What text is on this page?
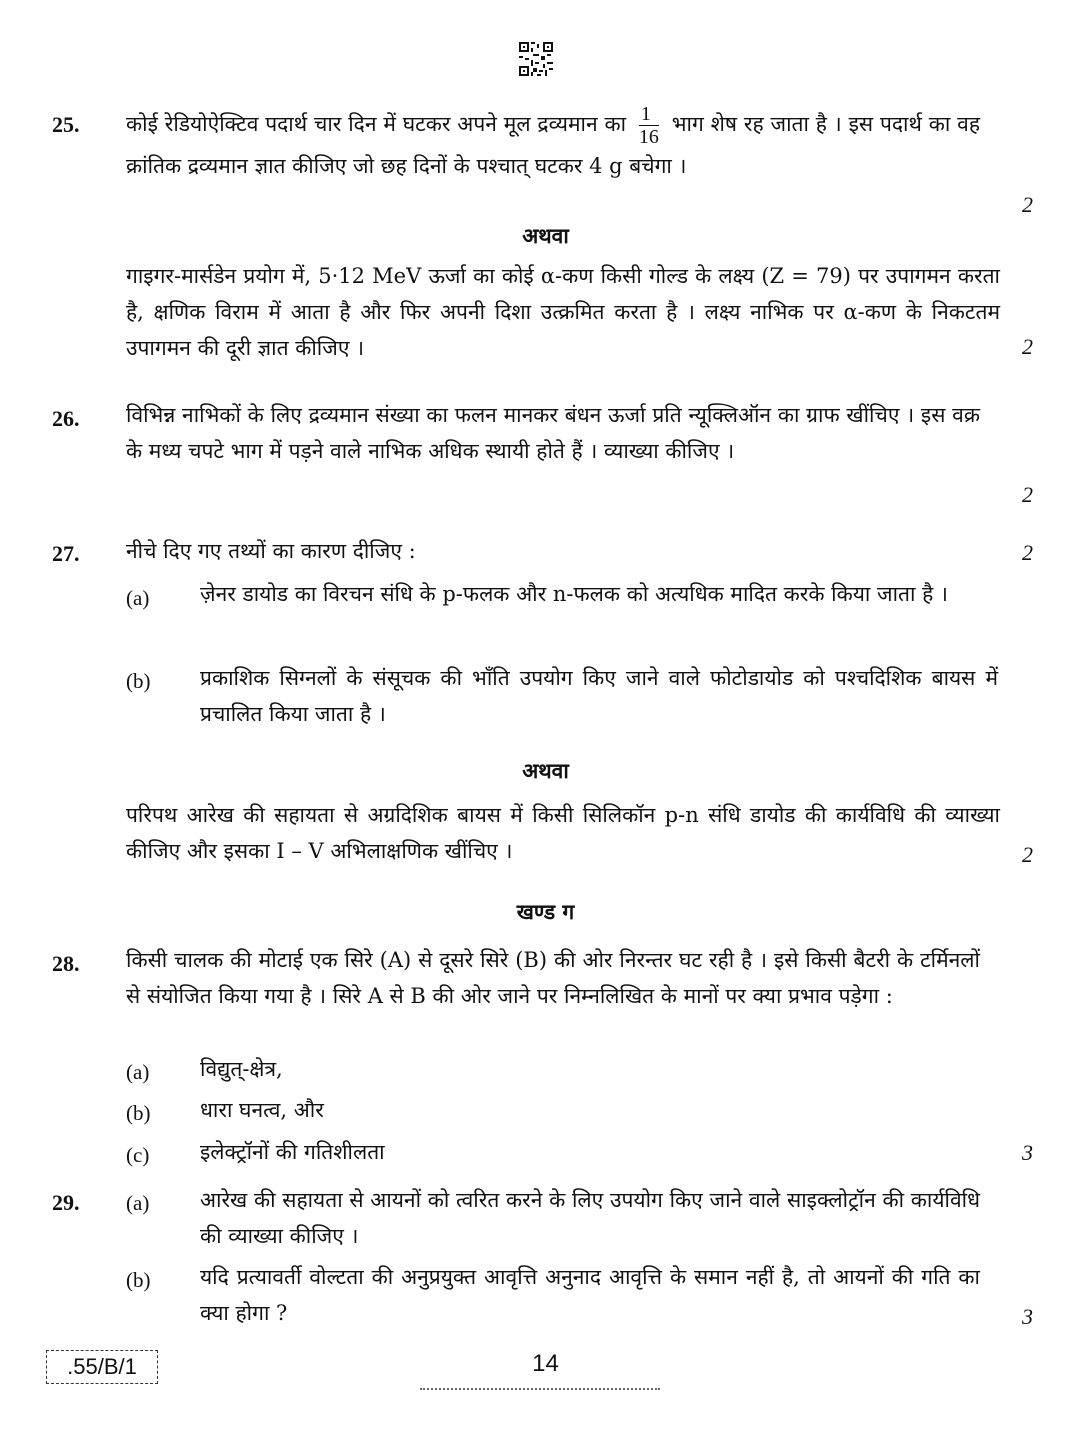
25. कोई रेडियोऐक्टिव पदार्थ चार दिन में घटकर अपने मूल द्रव्यमान का $\frac{1}{16}$ भाग शेष रह जाता है । इस पदार्थ का वह क्रांतिक द्रव्यमान ज्ञात कीजिए जो छह दिनों के पश्चात् घटकर 4 g बचेगा ।
2
अथवा
गाइगर-मार्सडेन प्रयोग में, 5·12 MeV ऊर्जा का कोई α-कण किसी गोल्ड के लक्ष्य (Z = 79) पर उपागमन करता है, क्षणिक विराम में आता है और फिर अपनी दिशा उत्क्रमित करता है । लक्ष्य नाभिक पर α-कण के निकटतम उपागमन की दूरी ज्ञात कीजिए ।	2
26. विभिन्न नाभिकों के लिए द्रव्यमान संख्या का फलन मानकर बंधन ऊर्जा प्रति न्यूक्लिऑन का ग्राफ खींचिए । इस वक्र के मध्य चपटे भाग में पड़ने वाले नाभिक अधिक स्थायी होते हैं । व्याख्या कीजिए ।
2
27. नीचे दिए गए तथ्यों का कारण दीजिए :	2
(a) ज़ेनर डायोड का विरचन संधि के p-फलक और n-फलक को अत्यधिक मादित करके किया जाता है ।
(b) प्रकाशिक सिग्नलों के संसूचक की भाँति उपयोग किए जाने वाले फोटोडायोड को पश्चदिशिक बायस में प्रचालित किया जाता है ।
अथवा
परिपथ आरेख की सहायता से अग्रदिशिक बायस में किसी सिलिकॉन p-n संधि डायोड की कार्यविधि की व्याख्या कीजिए और इसका I – V अभिलाक्षणिक खींचिए ।	2
खण्ड ग
28. किसी चालक की मोटाई एक सिरे (A) से दूसरे सिरे (B) की ओर निरन्तर घट रही है । इसे किसी बैटरी के टर्मिनलों से संयोजित किया गया है । सिरे A से B की ओर जाने पर निम्नलिखित के मानों पर क्या प्रभाव पड़ेगा :
(a) विद्युत्-क्षेत्र,
(b) धारा घनत्व, और
(c) इलेक्ट्रॉनों की गतिशीलता	3
29. (a) आरेख की सहायता से आयनों को त्वरित करने के लिए उपयोग किए जाने वाले साइक्लोट्रॉन की कार्यविधि की व्याख्या कीजिए ।
(b) यदि प्रत्यावर्ती वोल्टता की अनुप्रयुक्त आवृत्ति अनुनाद आवृत्ति के समान नहीं है, तो आयनों की गति का क्या होगा ?	3
.55/B/1	14
